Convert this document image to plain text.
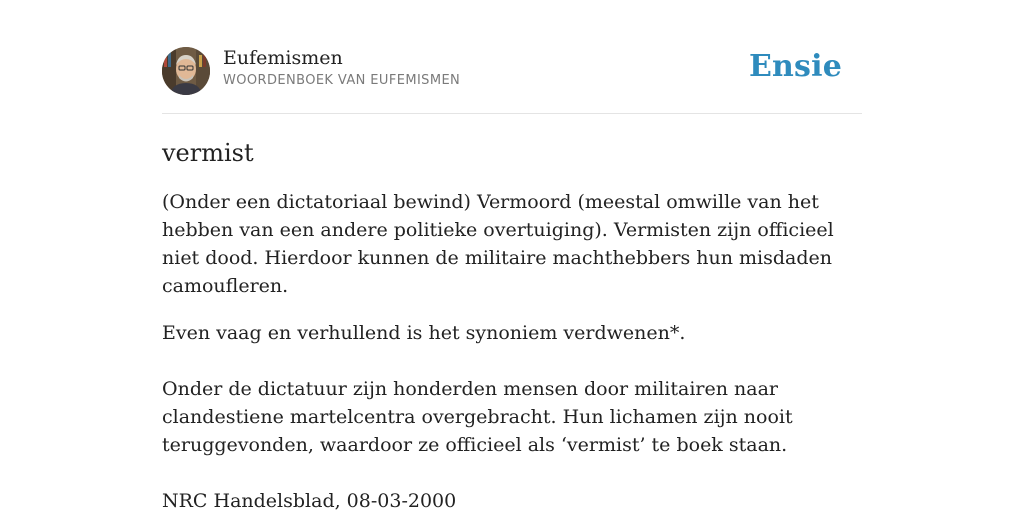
Eufemismen
WOORDENBOEK VAN EUFEMISMEN	Ensie
vermist
(Onder een dictatoriaal bewind) Vermoord (meestal omwille van het hebben van een andere politieke overtuiging). Vermisten zijn officieel niet dood. Hierdoor kunnen de militaire machthebbers hun misdaden camoufleren.
Even vaag en verhullend is het synoniem verdwenen*.
Onder de dictatuur zijn honderden mensen door militairen naar clandestiene martelcentra overgebracht. Hun lichamen zijn nooit teruggevonden, waardoor ze officieel als ‘vermist’ te boek staan.
NRC Handelsblad, 08-03-2000
